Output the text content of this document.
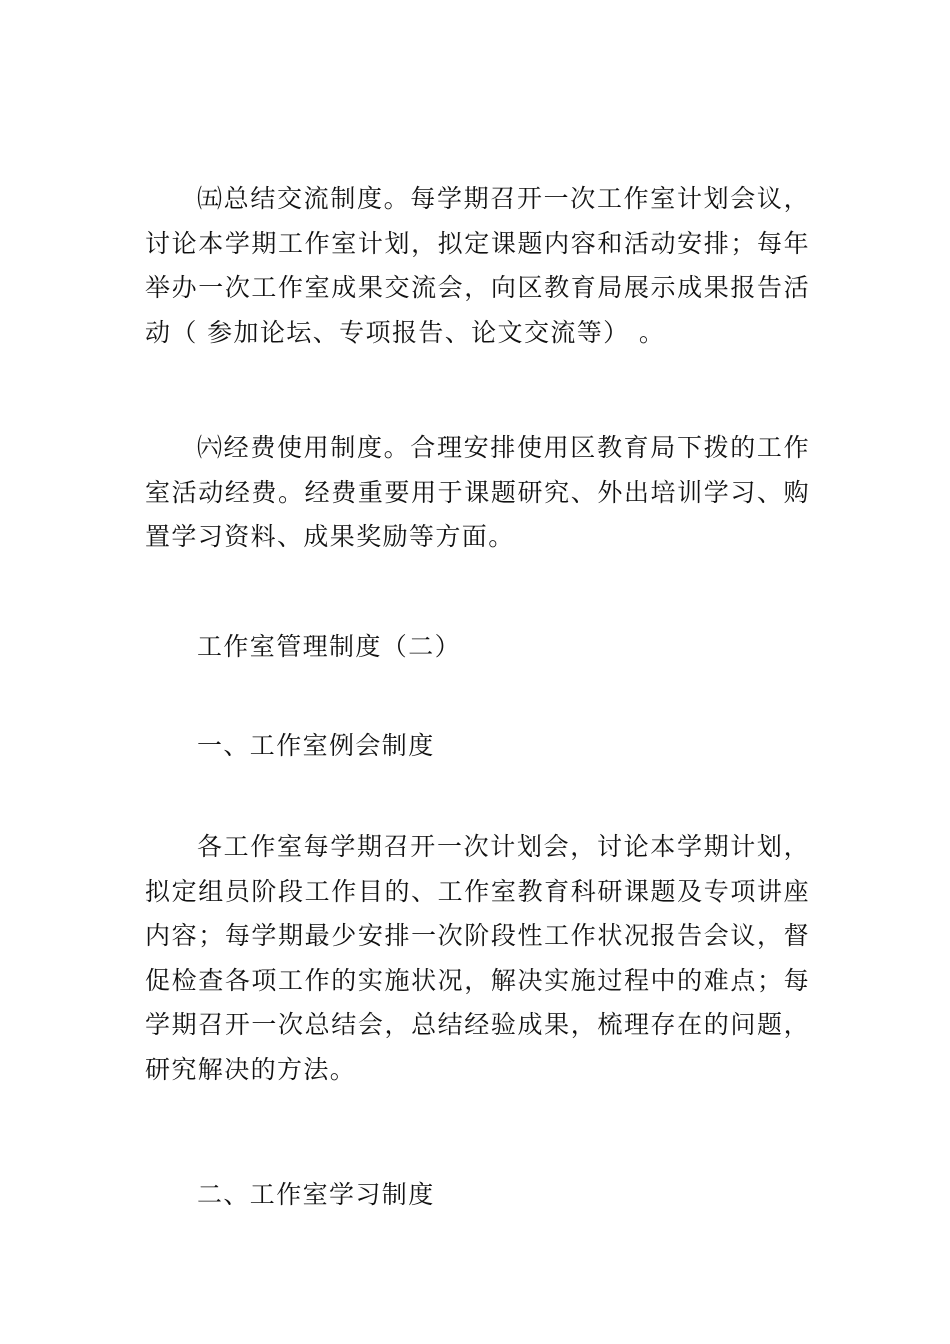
㈤总结交流制度。每学期召开一次工作室计划会议，
讨论本学期工作室计划，拟定课题内容和活动安排；每年
举办一次工作室成果交流会，向区教育局展示成果报告活
动（ 参加论坛、专项报告、论文交流等） 。
㈥经费使用制度。合理安排使用区教育局下拨的工作
室活动经费。经费重要用于课题研究、外出培训学习、购
置学习资料、成果奖励等方面。
工作室管理制度（二）
一、工作室例会制度
各工作室每学期召开一次计划会，讨论本学期计划，
拟定组员阶段工作目的、工作室教育科研课题及专项讲座
内容；每学期最少安排一次阶段性工作状况报告会议，督
促检查各项工作的实施状况，解决实施过程中的难点；每
学期召开一次总结会，总结经验成果，梳理存在的问题，
研究解决的方法。
二、工作室学习制度
